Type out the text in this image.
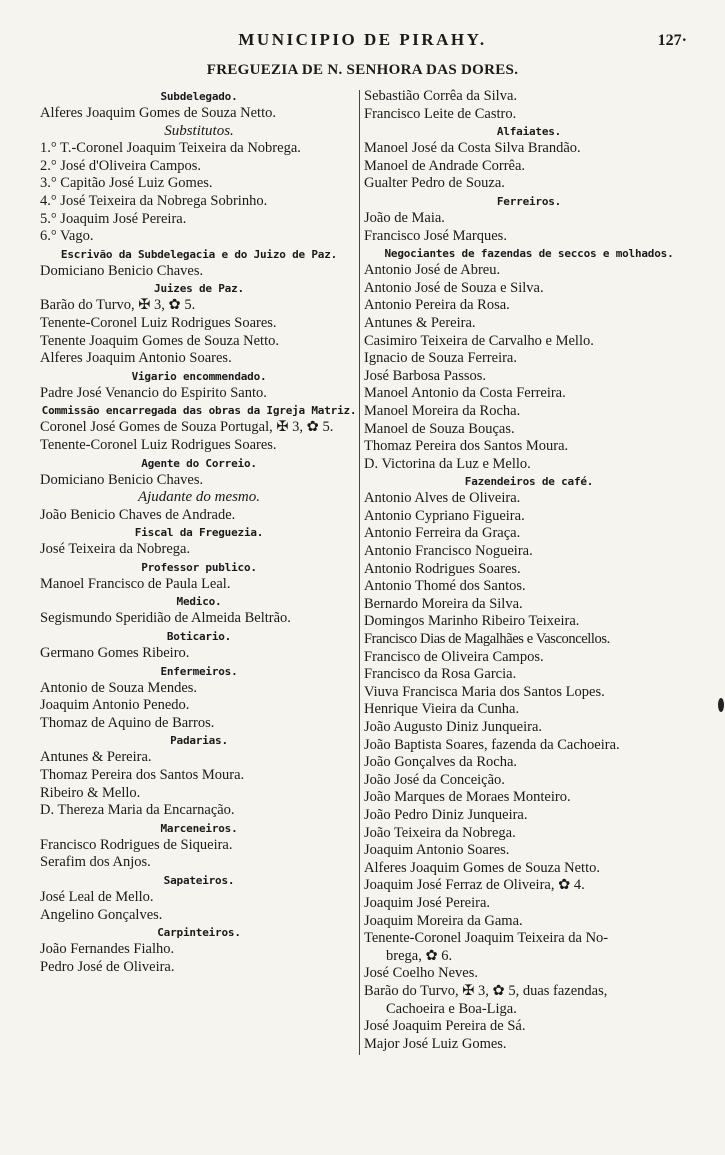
MUNICIPIO DE PIRAHY.	127·
FREGUEZIA DE N. SENHORA DAS DORES.
Subdelegado.
Alferes Joaquim Gomes de Souza Netto.
Substitutos.
1.° T.-Coronel Joaquim Teixeira da Nobrega.
2.° José d'Oliveira Campos.
3.° Capitão José Luiz Gomes.
4.° José Teixeira da Nobrega Sobrinho.
5.° Joaquim José Pereira.
6.° Vago.
Escrivão da Subdelegacia e do Juizo de Paz.
Domiciano Benicio Chaves.
Juizes de Paz.
Barão do Turvo, ✠ 3, ✿ 5.
Tenente-Coronel Luiz Rodrigues Soares.
Tenente Joaquim Gomes de Souza Netto.
Alferes Joaquim Antonio Soares.
Vigario encommendado.
Padre José Venancio do Espirito Santo.
Commissão encarregada das obras da Igreja Matriz.
Coronel José Gomes de Souza Portugal, ✠ 3, ✿ 5.
Tenente-Coronel Luiz Rodrigues Soares.
Agente do Correio.
Domiciano Benicio Chaves.
Ajudante do mesmo.
João Benicio Chaves de Andrade.
Fiscal da Freguezia.
José Teixeira da Nobrega.
Professor publico.
Manoel Francisco de Paula Leal.
Medico.
Segismundo Speridião de Almeida Beltrão.
Boticario.
Germano Gomes Ribeiro.
Enfermeiros.
Antonio de Souza Mendes.
Joaquim Antonio Penedo.
Thomaz de Aquino de Barros.
Padarias.
Antunes & Pereira.
Thomaz Pereira dos Santos Moura.
Ribeiro & Mello.
D. Thereza Maria da Encarnação.
Marceneiros.
Francisco Rodrigues de Siqueira.
Serafim dos Anjos.
Sapateiros.
José Leal de Mello.
Angelino Gonçalves.
Carpinteiros.
João Fernandes Fialho.
Pedro José de Oliveira.
Sebastião Corrêa da Silva.
Francisco Leite de Castro.
Alfaiates.
Manoel José da Costa Silva Brandão.
Manoel de Andrade Corrêa.
Gualter Pedro de Souza.
Ferreiros.
João de Maia.
Francisco José Marques.
Negociantes de fazendas de seccos e molhados.
Antonio José de Abreu.
Antonio José de Souza e Silva.
Antonio Pereira da Rosa.
Antunes & Pereira.
Casimiro Teixeira de Carvalho e Mello.
Ignacio de Souza Ferreira.
José Barbosa Passos.
Manoel Antonio da Costa Ferreira.
Manoel Moreira da Rocha.
Manoel de Souza Bouças.
Thomaz Pereira dos Santos Moura.
D. Victorina da Luz e Mello.
Fazendeiros de café.
Antonio Alves de Oliveira.
Antonio Cypriano Figueira.
Antonio Ferreira da Graça.
Antonio Francisco Nogueira.
Antonio Rodrigues Soares.
Antonio Thomé dos Santos.
Bernardo Moreira da Silva.
Domingos Marinho Ribeiro Teixeira.
Francisco Dias de Magalhães e Vasconcellos.
Francisco de Oliveira Campos.
Francisco da Rosa Garcia.
Viuva Francisca Maria dos Santos Lopes.
Henrique Vieira da Cunha.
João Augusto Diniz Junqueira.
João Baptista Soares, fazenda da Cachoeira.
João Gonçalves da Rocha.
João José da Conceição.
João Marques de Moraes Monteiro.
João Pedro Diniz Junqueira.
João Teixeira da Nobrega.
Joaquim Antonio Soares.
Alferes Joaquim Gomes de Souza Netto.
Joaquim José Ferraz de Oliveira, ✿ 4.
Joaquim José Pereira.
Joaquim Moreira da Gama.
Tenente-Coronel Joaquim Teixeira da No-
brega, ✿ 6.
José Coelho Neves.
Barão do Turvo, ✠ 3, ✿ 5, duas fazendas,
Cachoeira e Boa-Liga.
José Joaquim Pereira de Sá.
Major José Luiz Gomes.
